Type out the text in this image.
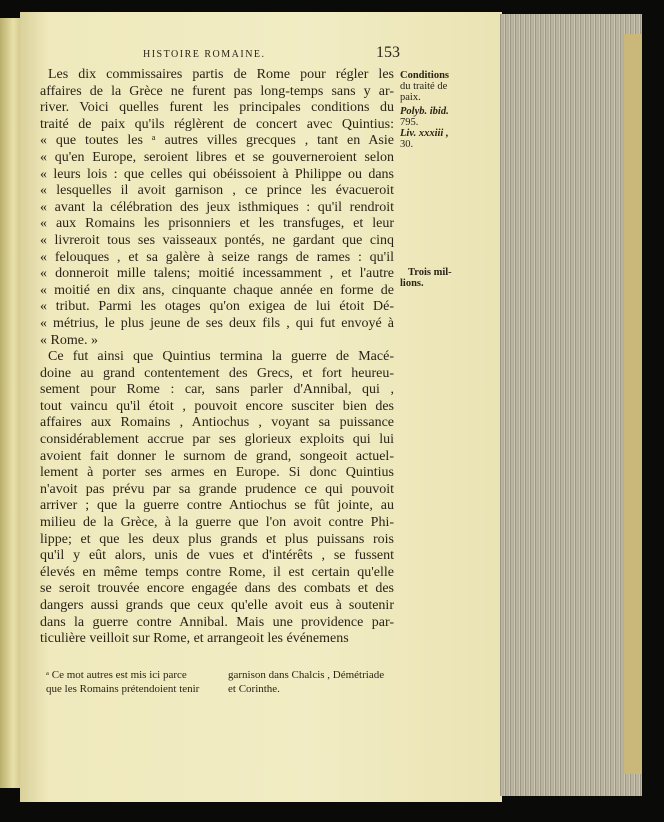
HISTOIRE ROMAINE.	153
Les dix commissaires partis de Rome pour régler les
affaires de la Grèce ne furent pas long-temps sans y ar-
river. Voici quelles furent les principales conditions du
traité de paix qu'ils réglèrent de concert avec Quintius:
« que toutes les ᵃ autres villes grecques , tant en Asie
« qu'en Europe, seroient libres et se gouverneroient selon
« leurs lois : que celles qui obéissoient à Philippe ou dans
« lesquelles il avoit garnison , ce prince les évacueroit
« avant la célébration des jeux isthmiques : qu'il rendroit
« aux Romains les prisonniers et les transfuges, et leur
« livreroit tous ses vaisseaux pontés, ne gardant que cinq
« felouques , et sa galère à seize rangs de rames : qu'il
« donneroit mille talens; moitié incessamment , et l'autre
« moitié en dix ans, cinquante chaque année en forme de
« tribut. Parmi les otages qu'on exigea de lui étoit Dé-
« métrius, le plus jeune de ses deux fils , qui fut envoyé à
« Rome. »
Ce fut ainsi que Quintius termina la guerre de Macé-
doine au grand contentement des Grecs, et fort heureu-
sement pour Rome : car, sans parler d'Annibal, qui ,
tout vaincu qu'il étoit , pouvoit encore susciter bien des
affaires aux Romains , Antiochus , voyant sa puissance
considérablement accrue par ses glorieux exploits qui lui
avoient fait donner le surnom de grand, songeoit actuel-
lement à porter ses armes en Europe. Si donc Quintius
n'avoit pas prévu par sa grande prudence ce qui pouvoit
arriver ; que la guerre contre Antiochus se fût jointe, au
milieu de la Grèce, à la guerre que l'on avoit contre Phi-
lippe; et que les deux plus grands et plus puissans rois
qu'il y eût alors, unis de vues et d'intérêts , se fussent
élevés en même temps contre Rome, il est certain qu'elle
se seroit trouvée encore engagée dans des combats et des
dangers aussi grands que ceux qu'elle avoit eus à soutenir
dans la guerre contre Annibal. Mais une providence par-
ticulière veilloit sur Rome, et arrangeoit les événemens
ᵃ Ce mot autres est mis ici parce
que les Romains prétendoient tenir
garnison dans Chalcis , Démétriade
et Corinthe.
Conditions
du traité de
paix.
Polyb. ibid.
795.
Liv. xxxiii ,
30.
Trois mil-
lions.
